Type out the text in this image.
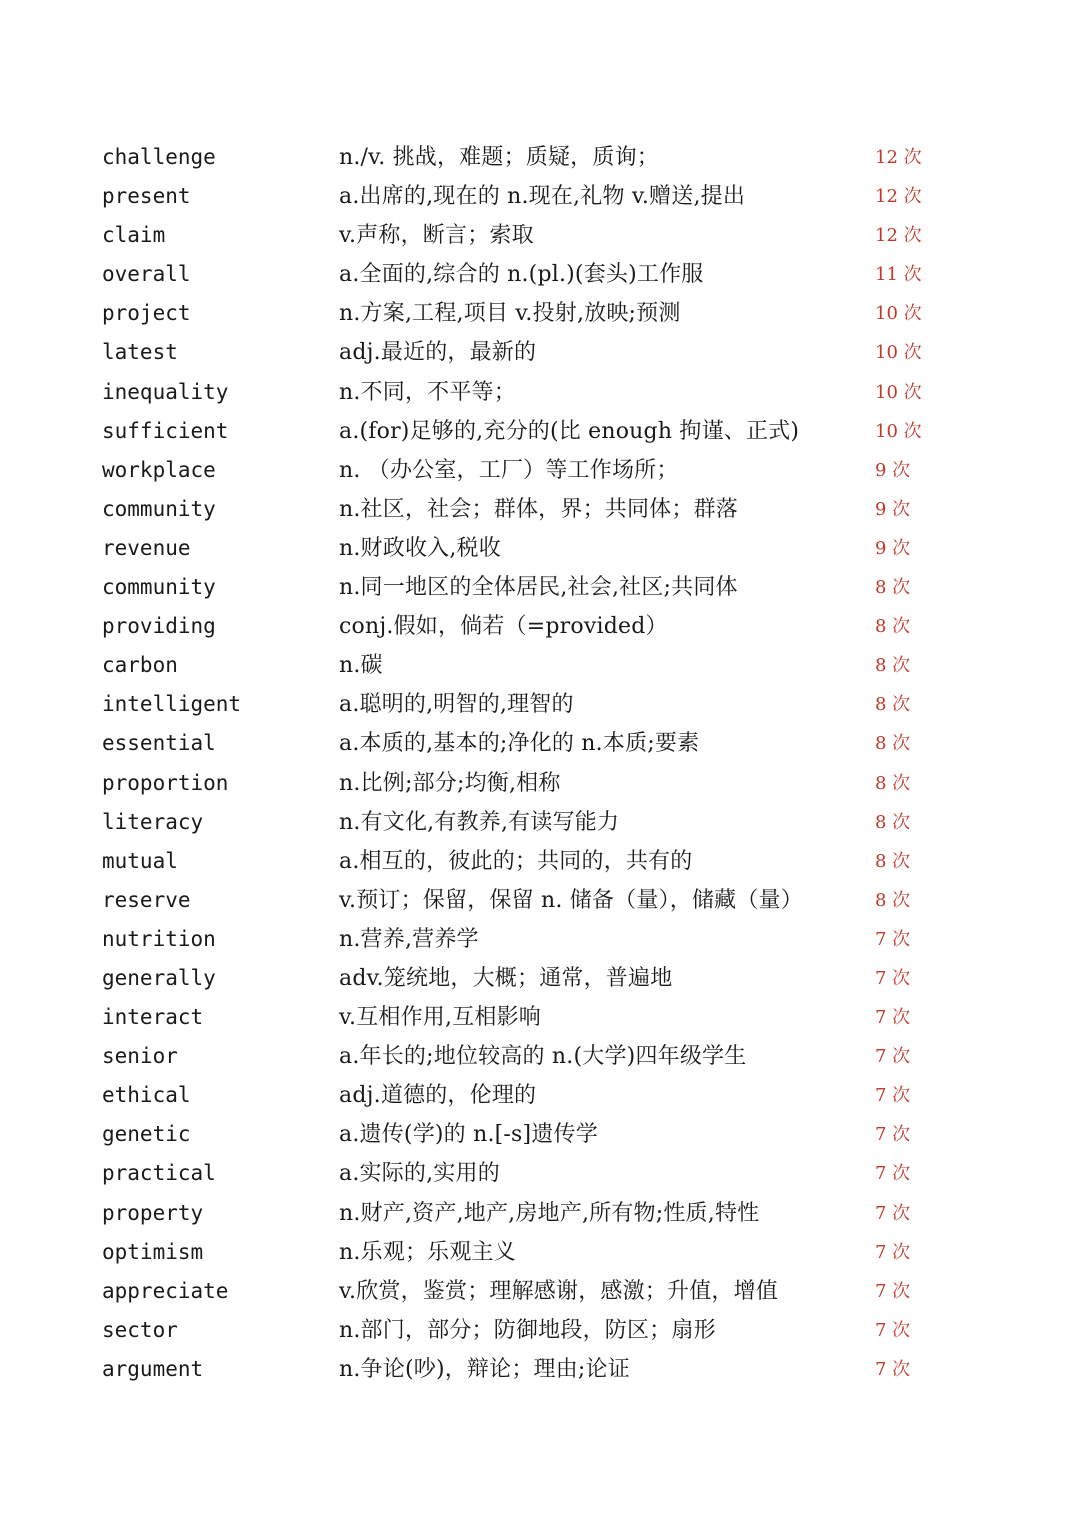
challenge	n./v. 挑战，难题；质疑，质询；	12 次
present	a.出席的,现在的 n.现在,礼物 v.赠送,提出	12 次
claim	v.声称，断言；索取	12 次
overall	a.全面的,综合的 n.(pl.)(套头)工作服	11 次
project	n.方案,工程,项目 v.投射,放映;预测	10 次
latest	adj.最近的，最新的	10 次
inequality	n.不同，不平等；	10 次
sufficient	a.(for)足够的,充分的(比 enough 拘谨、正式)	10 次
workplace	n. （办公室，工厂）等工作场所；	9 次
community	n.社区，社会；群体，界；共同体；群落	9 次
revenue	n.财政收入,税收	9 次
community	n.同一地区的全体居民,社会,社区;共同体	8 次
providing	conj.假如，倘若（=provided）	8 次
carbon	n.碳	8 次
intelligent	a.聪明的,明智的,理智的	8 次
essential	a.本质的,基本的;净化的 n.本质;要素	8 次
proportion	n.比例;部分;均衡,相称	8 次
literacy	n.有文化,有教养,有读写能力	8 次
mutual	a.相互的，彼此的；共同的，共有的	8 次
reserve	v.预订；保留，保留 n. 储备（量），储藏（量）	8 次
nutrition	n.营养,营养学	7 次
generally	adv.笼统地，大概；通常，普遍地	7 次
interact	v.互相作用,互相影响	7 次
senior	a.年长的;地位较高的 n.(大学)四年级学生	7 次
ethical	adj.道德的，伦理的	7 次
genetic	a.遗传(学)的 n.[-s]遗传学	7 次
practical	a.实际的,实用的	7 次
property	n.财产,资产,地产,房地产,所有物;性质,特性	7 次
optimism	n.乐观；乐观主义	7 次
appreciate	v.欣赏，鉴赏；理解感谢，感激；升值，增值	7 次
sector	n.部门，部分；防御地段，防区；扇形	7 次
argument	n.争论(吵)，辩论；理由;论证	7 次
